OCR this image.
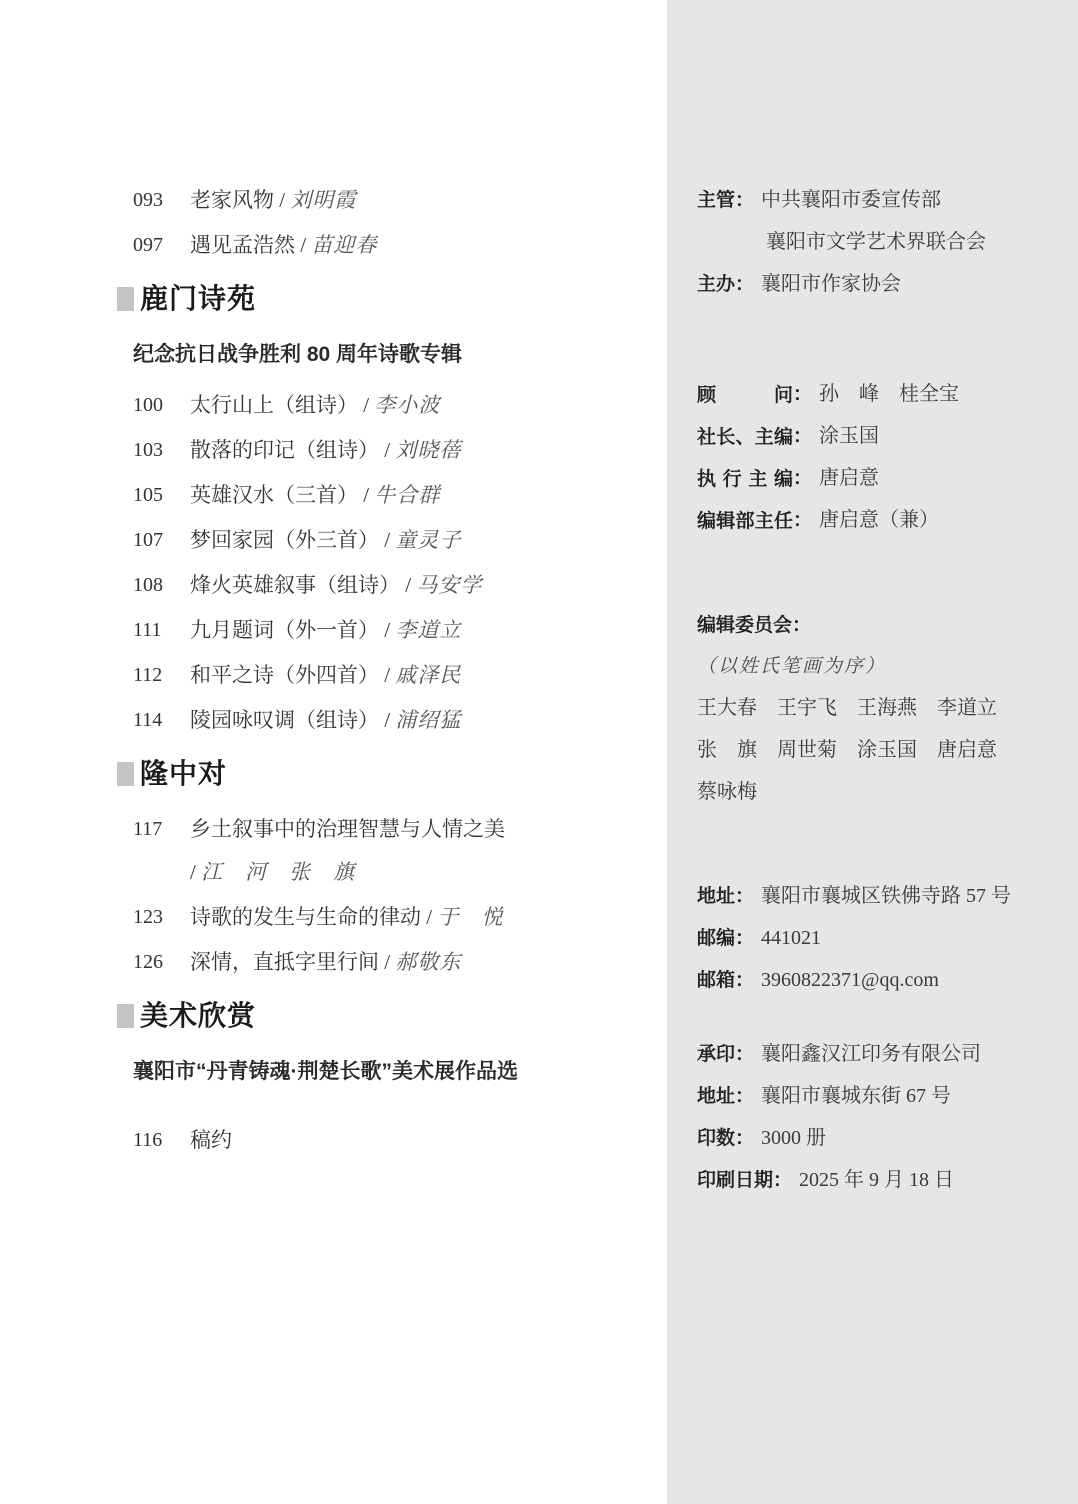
主管： 中共襄阳市委宣传部
襄阳市文学艺术界联合会
主办： 襄阳市作家协会
顾问： 孙　峰　桂全宝
社长、主编： 涂玉国
执行主编： 唐启意
编辑部主任： 唐启意（兼）
编辑委员会：
（以姓氏笔画为序）
王大春　王宇飞　王海燕　李道立
张　旗　周世菊　涂玉国　唐启意
蔡咏梅
地址： 襄阳市襄城区铁佛寺路 57 号
邮编： 441021
邮箱： 3960822371@qq.com
承印： 襄阳鑫汉江印务有限公司
地址： 襄阳市襄城东街 67 号
印数： 3000 册
印刷日期： 2025 年 9 月 18 日
093	老家风物 / 刘明霞
097	遇见孟浩然 / 苗迎春
鹿门诗苑
纪念抗日战争胜利 80 周年诗歌专辑
100	太行山上（组诗） / 李小波
103	散落的印记（组诗） / 刘晓蓓
105	英雄汉水（三首） / 牛合群
107	梦回家园（外三首） / 童灵子
108	烽火英雄叙事（组诗） / 马安学
111	九月题词（外一首） / 李道立
112	和平之诗（外四首） / 戚泽民
114	陵园咏叹调（组诗） / 浦绍猛
隆中对
117	乡土叙事中的治理智慧与人情之美
/ 江　河　张　旗
123	诗歌的发生与生命的律动 / 于　悦
126	深情，直抵字里行间 / 郝敬东
美术欣赏
襄阳市“丹青铸魂·荆楚长歌”美术展作品选
116	稿约
